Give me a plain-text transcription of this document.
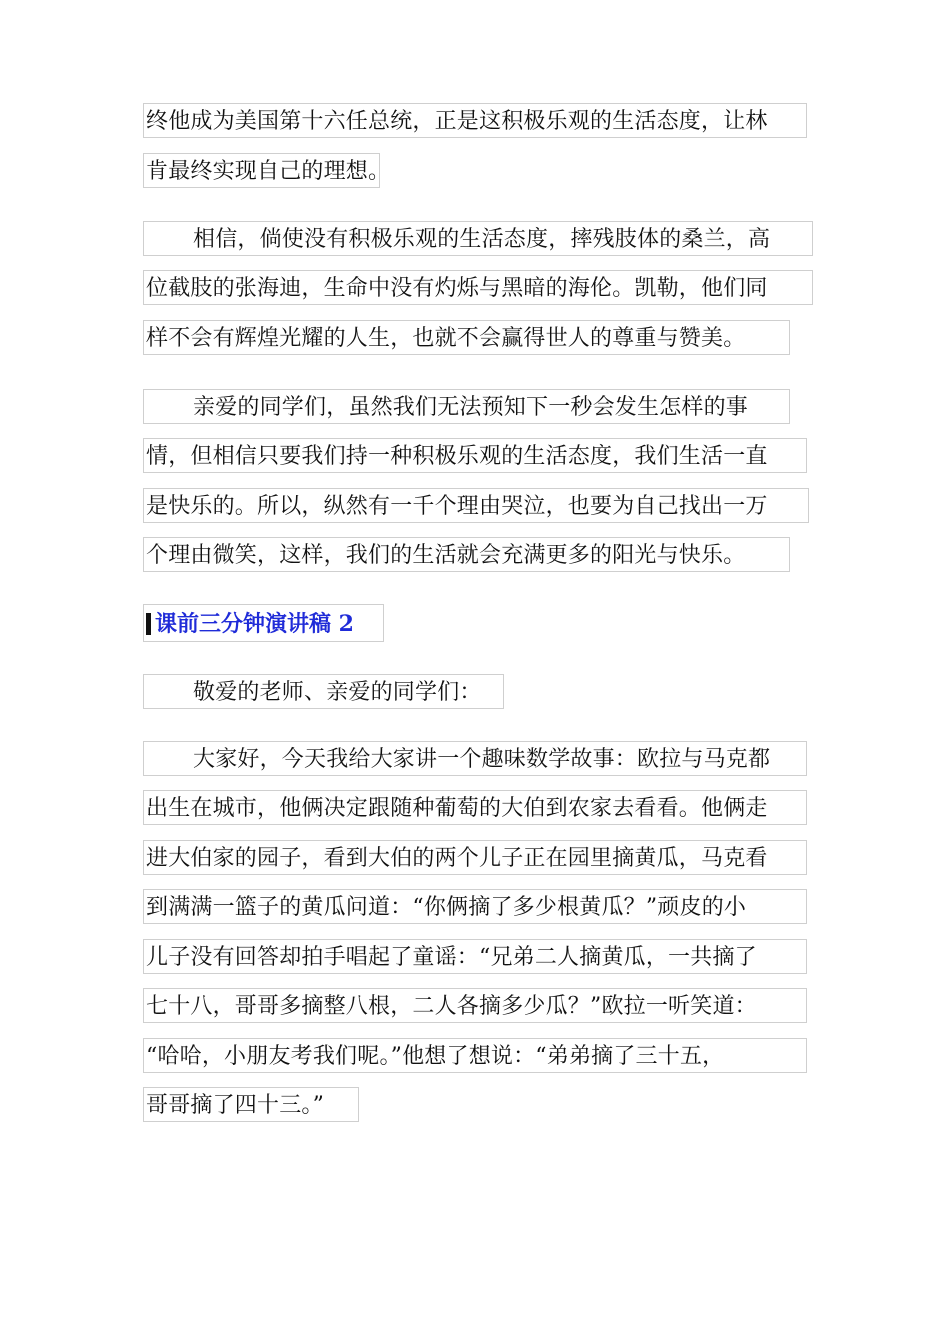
终他成为美国第十六任总统，正是这积极乐观的生活态度，让林
肯最终实现自己的理想。
相信，倘使没有积极乐观的生活态度，摔残肢体的桑兰，高
位截肢的张海迪，生命中没有灼烁与黑暗的海伦。凯勒，他们同
样不会有辉煌光耀的人生，也就不会赢得世人的尊重与赞美。
亲爱的同学们，虽然我们无法预知下一秒会发生怎样的事
情，但相信只要我们持一种积极乐观的生活态度，我们生活一直
是快乐的。所以，纵然有一千个理由哭泣，也要为自己找出一万
个理由微笑，这样，我们的生活就会充满更多的阳光与快乐。
课前三分钟演讲稿 2
敬爱的老师、亲爱的同学们：
大家好，今天我给大家讲一个趣味数学故事：欧拉与马克都
出生在城市，他俩决定跟随种葡萄的大伯到农家去看看。他俩走
进大伯家的园子，看到大伯的两个儿子正在园里摘黄瓜，马克看
到满满一篮子的黄瓜问道：“你俩摘了多少根黄瓜？”顽皮的小
儿子没有回答却拍手唱起了童谣：“兄弟二人摘黄瓜，一共摘了
七十八，哥哥多摘整八根，二人各摘多少瓜？”欧拉一听笑道：
“哈哈，小朋友考我们呢。”他想了想说：“弟弟摘了三十五，
哥哥摘了四十三。”
